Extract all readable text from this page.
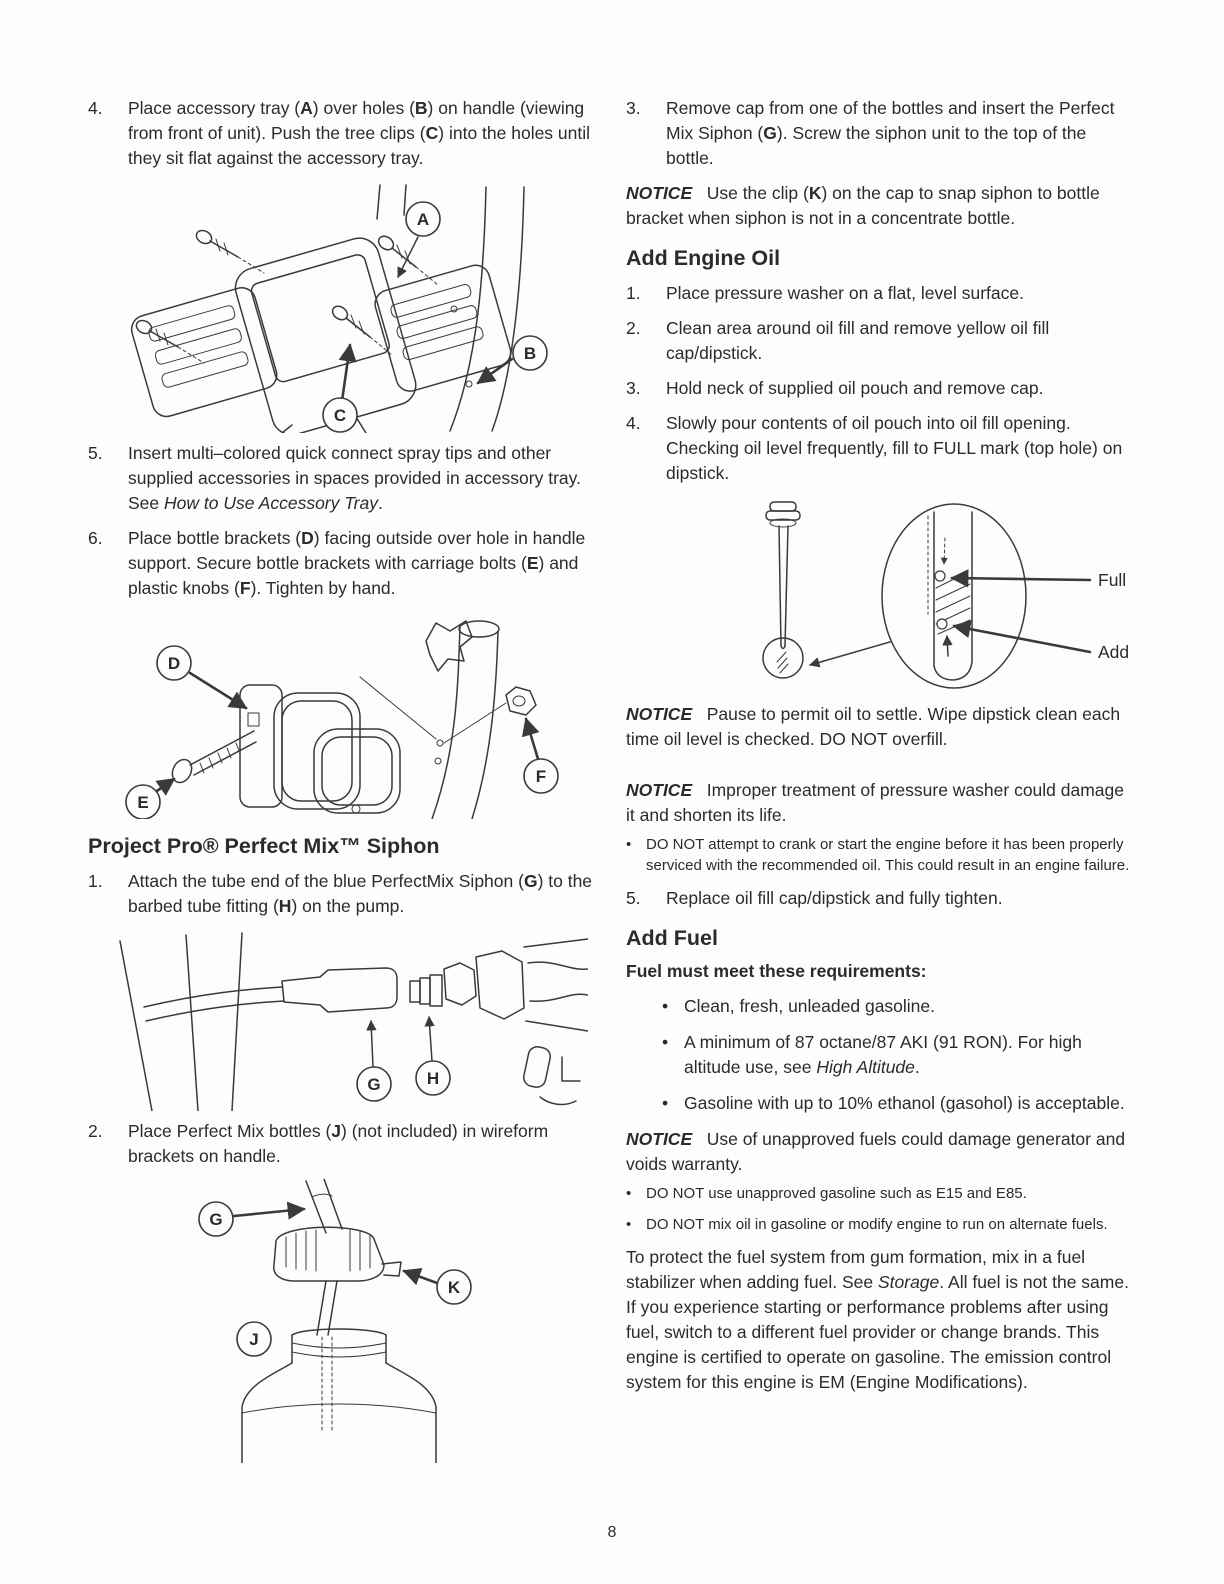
4.	Place accessory tray (A) over holes (B) on handle (viewing from front of unit). Push the tree clips (C) into the holes until they sit flat against the accessory tray.
A
B
C
5.	Insert multi–colored quick connect spray tips and other supplied accessories in spaces provided in accessory tray. See How to Use Accessory Tray.
6.	Place bottle brackets (D) facing outside over hole in handle support. Secure bottle brackets with carriage bolts (E) and plastic knobs (F). Tighten by hand.
D
E
F
Project Pro® Perfect Mix™ Siphon
1.	Attach the tube end of the blue PerfectMix Siphon (G) to the barbed tube fitting (H) on the pump.
G	H
2.	Place Perfect Mix bottles (J) (not included) in wireform brackets on handle.
G
K
J
3.	Remove cap from one of the bottles and insert the Perfect Mix Siphon (G). Screw the siphon unit to the top of the bottle.

NOTICE   Use the clip (K) on the cap to snap siphon to bottle bracket when siphon is not in a concentrate bottle.

Add Engine Oil
1.	Place pressure washer on a flat, level surface.
2.	Clean area around oil fill and remove yellow oil fill cap/dipstick.
3.	Hold neck of supplied oil pouch and remove cap.
4.	Slowly pour contents of oil pouch into oil fill opening. Checking oil level frequently, fill to FULL mark (top hole) on dipstick.
Full
Add

NOTICE   Pause to permit oil to settle. Wipe dipstick clean each time oil level is checked. DO NOT overfill.

NOTICE   Improper treatment of pressure washer could damage it and shorten its life.

• DO NOT attempt to crank or start the engine before it has been properly serviced with the recommended oil. This could result in an engine failure.
5.	Replace oil fill cap/dipstick and fully tighten.
Add Fuel

Fuel must meet these requirements:

• Clean, fresh, unleaded gasoline.
• A minimum of 87 octane/87 AKI (91 RON). For high altitude use, see High Altitude.
• Gasoline with up to 10% ethanol (gasohol) is acceptable.

NOTICE   Use of unapproved fuels could damage generator and voids warranty.

• DO NOT use unapproved gasoline such as E15 and E85.
• DO NOT mix oil in gasoline or modify engine to run on alternate fuels.

To protect the fuel system from gum formation, mix in a fuel stabilizer when adding fuel. See Storage. All fuel is not the same. If you experience starting or performance problems after using fuel, switch to a different fuel provider or change brands. This engine is certified to operate on gasoline. The emission control system for this engine is EM (Engine Modifications).

8
